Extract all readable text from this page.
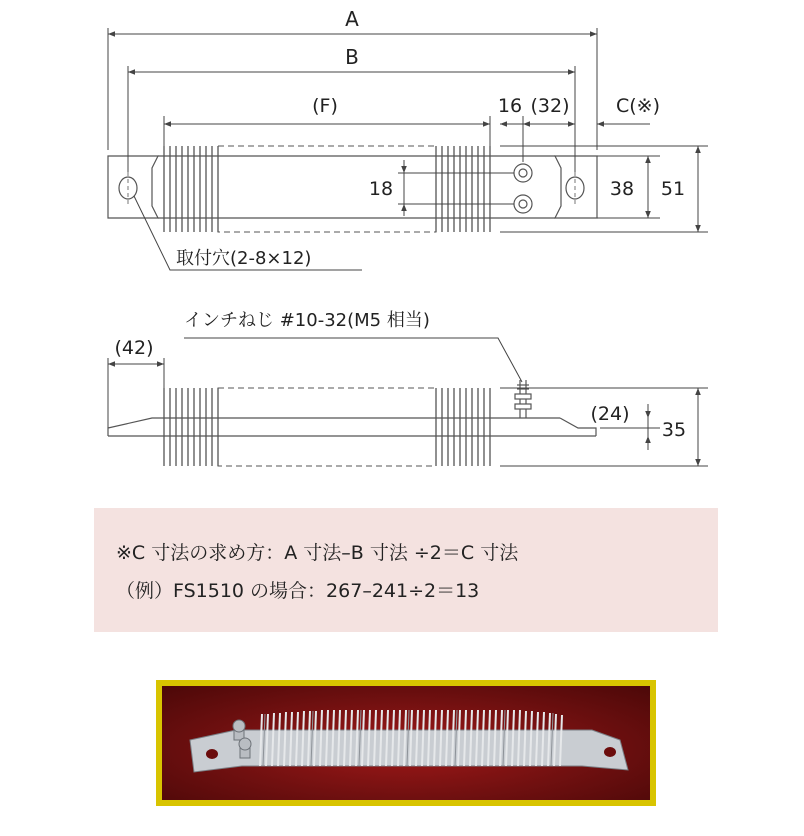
A
B
(F)	16 (32) C(※)
18	38 51
取付穴(2-8×12)
インチねじ #10-32(M5 相当)
(42)
(24)
35
※C 寸法の求め方：A 寸法–B 寸法 ÷2＝C 寸法
（例）FS1510 の場合：267–241÷2＝13
